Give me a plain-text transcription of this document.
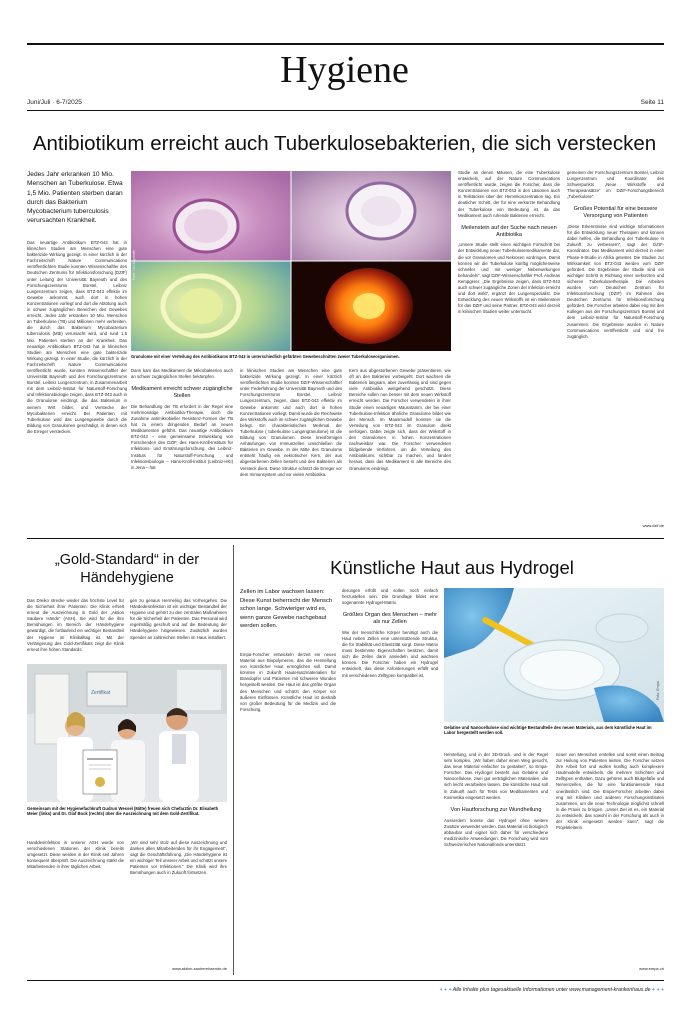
Hygiene
Juni/Juli · 6-7/2025	Seite 11
Antibiotikum erreicht auch Tuberkulosebakterien, die sich verstecken
Jedes Jahr erkranken 10 Mio. Menschen an Tuberkulose. Etwa 1,5 Mio. Patienten sterben daran durch das Bakterium Mycobacterium tuberculosis verursachten Krankheit.

Das neuartige Antibiotikum BTZ-043 hat in klinischen Studien am Menschen eine gute bakterizide Wirkung gezeigt. In einer kürzlich in der Fachzeitschrift Nature Communications veröffentlichten Studie konnten Wissenschaftler des Deutschen Zentrums für Infektionsforschung (DZIF) unter Leitung der Universität Bayreuth und des Forschungszentrums Borstel, Leibniz Lungenzentrum zeigen, dass BTZ-043 effektiv im Gewebe ankommt, auch dort in hohen Konzentrationen vorliegt und dort die Abtötung auch in schwer zugänglichen Bereichen des Gewebes erreicht. Jedes Jahr erkranken 10 Mio. Menschen an Tuberkulose (TB) und Millionen mehr verbreiten, die durch das Bakterium Mycobacterium tuberculosis (Mtb) verursacht wird, und rund 1,5 Mio. Patienten sterben an der Krankheit. Das neuartige Antibiotikum BTZ-043 hat in klinischen Studien am Menschen eine gute bakterizide Wirkung gezeigt. In einer Studie, die kürzlich in der Fachzeitschrift Nature Communications veröffentlicht wurde, konnten Wissenschaftler der Universität Bayreuth und des Forschungszentrums Borstel, Leibniz Lungenzentrum, in Zusammenarbeit mit dem Leibniz-Institut für Naturstoff-Forschung und Infektionsbiologie zeigen, dass BTZ-043 auch in die Granulome eindringt, die das Bakterium in seinem Wirt bildet, und Verstecke der Mycobakterien erreicht. Bei Patienten mit Tuberkulose wird das Lungengewebe durch die Bildung von Granulomen geschädigt, in denen sich die Erreger verstecken.

Foto: Uni Bayreuth
Granulome mit einer Verteilung des Antibiotikums BTZ-043 in unterschiedlich gefärbten Gewebeschnitten zweier Tuberkuloseorganismen.

Dann kam das Medikament die Mikrobakterien auch an schwer zugänglichen Stellen bekämpfen.

Medikament erreicht schwer zugängliche Stellen

Die Behandlung der TB erfordert in der Regel eine mehrmonatige Antibiotika-Therapie, doch die Zunahme antimikrobieller Resistenz-Formen der TB hat zu einem dringenden Bedarf an neuen Medikamenten geführt. Das neuartige Antibiotikum BTZ-043 – eine gemeinsame Entwicklung von Forschenden des DZIF, des Hans-Knöll-Instituts für Infektions- und Ernährungsforschung, des Leibniz-Instituts für Naturstoff-Forschung und Infektionsbiologie – Hans-Knöll-Institut (Leibniz-HKI) in Jena – hat

in klinischen Studien am Menschen eine gute bakterizide Wirkung gezeigt. In einer kürzlich veröffentlichten Studie konnten DZIF-Wissenschaftler unter Federführung der Universität Bayreuth und des Forschungszentrums Borstel, Leibniz Lungenzentrum, zeigen, dass BTZ-043 effektiv im Gewebe ankommt und auch dort in hohen Konzentrationen vorliegt. Damit wurde die Reichweite des Wirkstoffs auch im schwer zugänglichen Gewebe belegt. Ein charakteristisches Merkmal der Tuberkulose ( tuberkulöse Lungengranulome) ist die Bildung von Granulomen. Diese kreisförmigen Anhäufungen von Immunzellen umschließen die Bakterien im Gewebe. In der Mitte des Granuloms entsteht häufig ein nekrotischer Kern, der aus abgestorbenen Zellen besteht und den Bakterien als Versteck dient. Diese Struktur schützt die Erreger vor dem Immunsystem und vor vielen Antibiotika.

Kern aus abgestorbenen Gewebe präsentieren, wie oft an den Bakterien vorbeigeht. Dort wachsen die Bakterien langsam, aber zuverlässig und sind gegen viele Antibiotika weitgehend geschützt. Diese Bereiche sollen nun besser mit dem neuen Wirkstoff erreicht werden. Die Forscher verwendeten in ihrer Studie einen neuartigen Mausstamm, der bei einer Tuberkulose-Infektion ähnliche Granulome bildet wie der Mensch. Im Mausmodell konnten sie die Verteilung von BTZ-043 im Granulom direkt verfolgen. Dabei zeigte sich, dass der Wirkstoff in den Granulomen in hohen Konzentrationen nachweisbar war. Die Forscher verwendeten bildgebende Verfahren, um die Verteilung des Antibiotikums sichtbar zu machen, und fanden heraus, dass das Medikament in alle Bereiche des Granuloms eindringt.

Studie an denen Mäusen, die eine Tuberkulose entwickeln, auf der Nature Communications veröffentlicht wurde, zeigen die Forscher, dass die Konzentrationen von BTZ-043 in den Läsionen auch in Teilstücken über der Hemmkonzentration lag. Ein deutlicher Schritt, der für eine verkürzte Behandlung der Tuberkulose von Bedeutung ist, da das Medikament auch ruhende Bakterien erreicht.

Meilenstein auf der Suche nach neuen Antibiotika

„Unsere Studie stellt einen wichtigen Fortschritt bei der Entwicklung neuer Tuberkulosemedikamente dar, die vor Granulomen und Nekrosen vordringen. Damit können wir die Tuberkulose künftig möglicherweise schneller und mit weniger Nebenwirkungen behandeln“, sagt DZIF-Wissenschaftler Prof. Andreas Kempgerer. „Die Ergebnisse zeigen, dass BTZ-043 auch schwer zugängliche Zonen der Infektion erreicht und dort wirkt“, ergänzt der Lungenspezialist. Die Entwicklung des neuen Wirkstoffs ist ein Meilenstein für das DZIF und seine Partner. BTZ-043 wird derzeit in klinischen Studien weiter untersucht.

gemeinen der Forschungszentrum Borstel, Leibniz Lungenzentrum und Koordinator des Schwerpunkts „Neue Wirkstoffe und Therapieansätze“ im DZIF-Forschungsbereich „Tuberkulose“.

Großes Potential für eine bessere Versorgung von Patienten

„Diese Erkenntnisse sind wichtige Informationen für die Entwicklung neuer Therapien und können dabei helfen, die Behandlung der Tuberkulose in Zukunft zu verbessern“, sagt der DZIF-Koordinator. Das Medikament wird derzeit in einer Phase-II-Studie in Afrika getestet. Die Studien zur Wirksamkeit von BTZ-043 werden vom DZIF gefördert. Die Ergebnisse der Studie sind ein wichtiger Schritt in Richtung einer verkürzten und sicheren Tuberkulosetherapie. Die Arbeiten wurden vom Deutschen Zentrum für Infektionsforschung (DZIF) im Rahmen des Deutschen Zentrums für Infektionsforschung gefördert. Die Forscher arbeiten dabei eng mit den Kollegen aus der Forschungszentrum Borstel und dem Leibniz-Institut für Naturstoff-Forschung zusammen. Die Ergebnisse wurden in Nature Communications veröffentlicht und sind frei zugänglich.

www.dzif.de
„Gold-Standard“ in der
Händehygiene

Das Dreiko strecke wieder das höchste Level für die Sicherheit ihrer Patienten: Die Klinik erhielt erneut die Auszeichnung in Gold der „Aktion Saubere Hände“ (ASH). Sie wird für die ihre Bemühungen im Bereich der Händehygiene gewürdigt, die fortlaufend ein wichtiger Bestandteil der Hygiene im Klinikalltag ist. Mit der Verlängerung des Gold-Zertifikats zeigt die Klinik erneut ihre hohen Standards.

gen zu genaus Hermeling das Vorhergehen. Die Händedesinfektion ist ein wichtiger Bestandteil der Hygiene und gehört zu den zentralen Maßnahmen für die Sicherheit der Patienten. Das Personal wird regelmäßig geschult und auf die Bedeutung der Händehygiene hingewiesen. Zusätzlich wurden Spender an zahlreichen Stellen im Haus installiert.

Zertifikat
Gemeinsam mit der Hygienefachkraft Gudrun Wessel (Mitte) freuen sich Chefarztin Dr. Elisabeth Meier (links) und Dr. Olaf Bock (rechts) über die Auszeichnung mit dem Gold-Zertifikat.

Handdesinfektion in unserer ASH wurde von verschiedenen Stationen der Klinik bereits umgesetzt. Diese werden in der Klinik seit Jahren konsequent überprüft. Die Auszeichnung stärkt die Mitarbeitenden in ihrer täglichen Arbeit.

„Wir sind sehr stolz auf diese Auszeichnung und danken allen Mitarbeitenden für ihr Engagement“, sagt die Geschäftsführung. „Die Händehygiene ist ein wichtiger Teil unserer Arbeit und schützt unsere Patienten vor Infektionen.“ Die Klinik wird ihre Bemühungen auch in Zukunft fortsetzen.

www.aktion-sauberehaende.de
Künstliche Haut aus Hydrogel
Zellen im Labor wachsen lassen: Diese Kunst beherrscht der Mensch schon lange. Schwieriger wird es, wenn ganze Gewebe nachgebaut werden sollen.

Empa-Forscher entwickeln derzeit ein neues Material aus Biopolymeren, das die Herstellung von künstlicher Haut ermöglichen soll. Damit könnten in Zukunft Hautersatzmaterialien für Brandopfer und Patienten mit schweren Wunden hergestellt werden. Die Haut ist das größte Organ des Menschen und schützt den Körper vor äußeren Einflüssen. Künstliche Haut ist deshalb von großer Bedeutung für die Medizin und die Forschung.

derungen erfüllt und sollen noch einfach herzustellen sein. Die Grundlage bildet eine sogenannte Hydrogel-Matrix.

Größtes Organ des Menschen – mehr als nur Zellen

Wie der menschliche Körper benötigt auch die Haut neben Zellen eine unterstützende Struktur, die für Stabilität und Elastizität sorgt. Diese Matrix muss bestimmte Eigenschaften besitzen, damit sich die Zellen darin ansiedeln und wachsen können. Die Forscher haben ein Hydrogel entwickelt, das diese Anforderungen erfüllt und mit verschiedenen Zelltypen kompatibel ist.

Foto: Empa
Gelatine und Nanocellulose sind wichtige Bestandteile des neuen Materials, aus dem künstliche Haut im Labor hergestellt werden soll.

Herstellung, und in der 3D-Druck, und in der Regel sehr komplex. „Wir haben daher einen Weg gesucht, das neue Material einfacher zu gestalten“, so Empa-Forscher. Das Hydrogel besteht aus Gelatine und Nanocellulose, zwei gut verträglichen Materialien, die sich leicht verarbeiten lassen. Die künstliche Haut soll in Zukunft auch für Tests von Medikamenten und Kosmetika eingesetzt werden.

Von Hautforschung zur Wundheilung

Ausserdem konnte das Hydrogel ohne weitere Zusätze verwendet werden. Das Material ist biologisch abbaubar und eignet sich daher für verschiedene medizinische Anwendungen. Die Forschung wird vom Schweizerischen Nationalfonds unterstützt.

neuer von Menschen erstellen und somit einen Beitrag zur Heilung von Patienten leisten. Die Forscher setzen ihre Arbeit fort und wollen künftig auch komplexere Hautmodelle entwickeln, die mehrere Schichten und Zelltypen enthalten. Dazu gehören auch Blutgefäße und Nervenzellen, die für eine funktionierende Haut unerlässlich sind. Die Empa-Forscher arbeiten dabei eng mit Kliniken und anderen Forschungsinstituten zusammen, um die neue Technologie möglichst schnell in die Praxis zu bringen. „Unser Ziel ist es, ein Material zu entwickeln, das sowohl in der Forschung als auch in der Klinik eingesetzt werden kann“, sagt die Projektleiterin.

www.empa.ch
+ + + Alle Inhalte plus tagesaktuelle Informationen unter www.management-krankenhaus.de + + +
